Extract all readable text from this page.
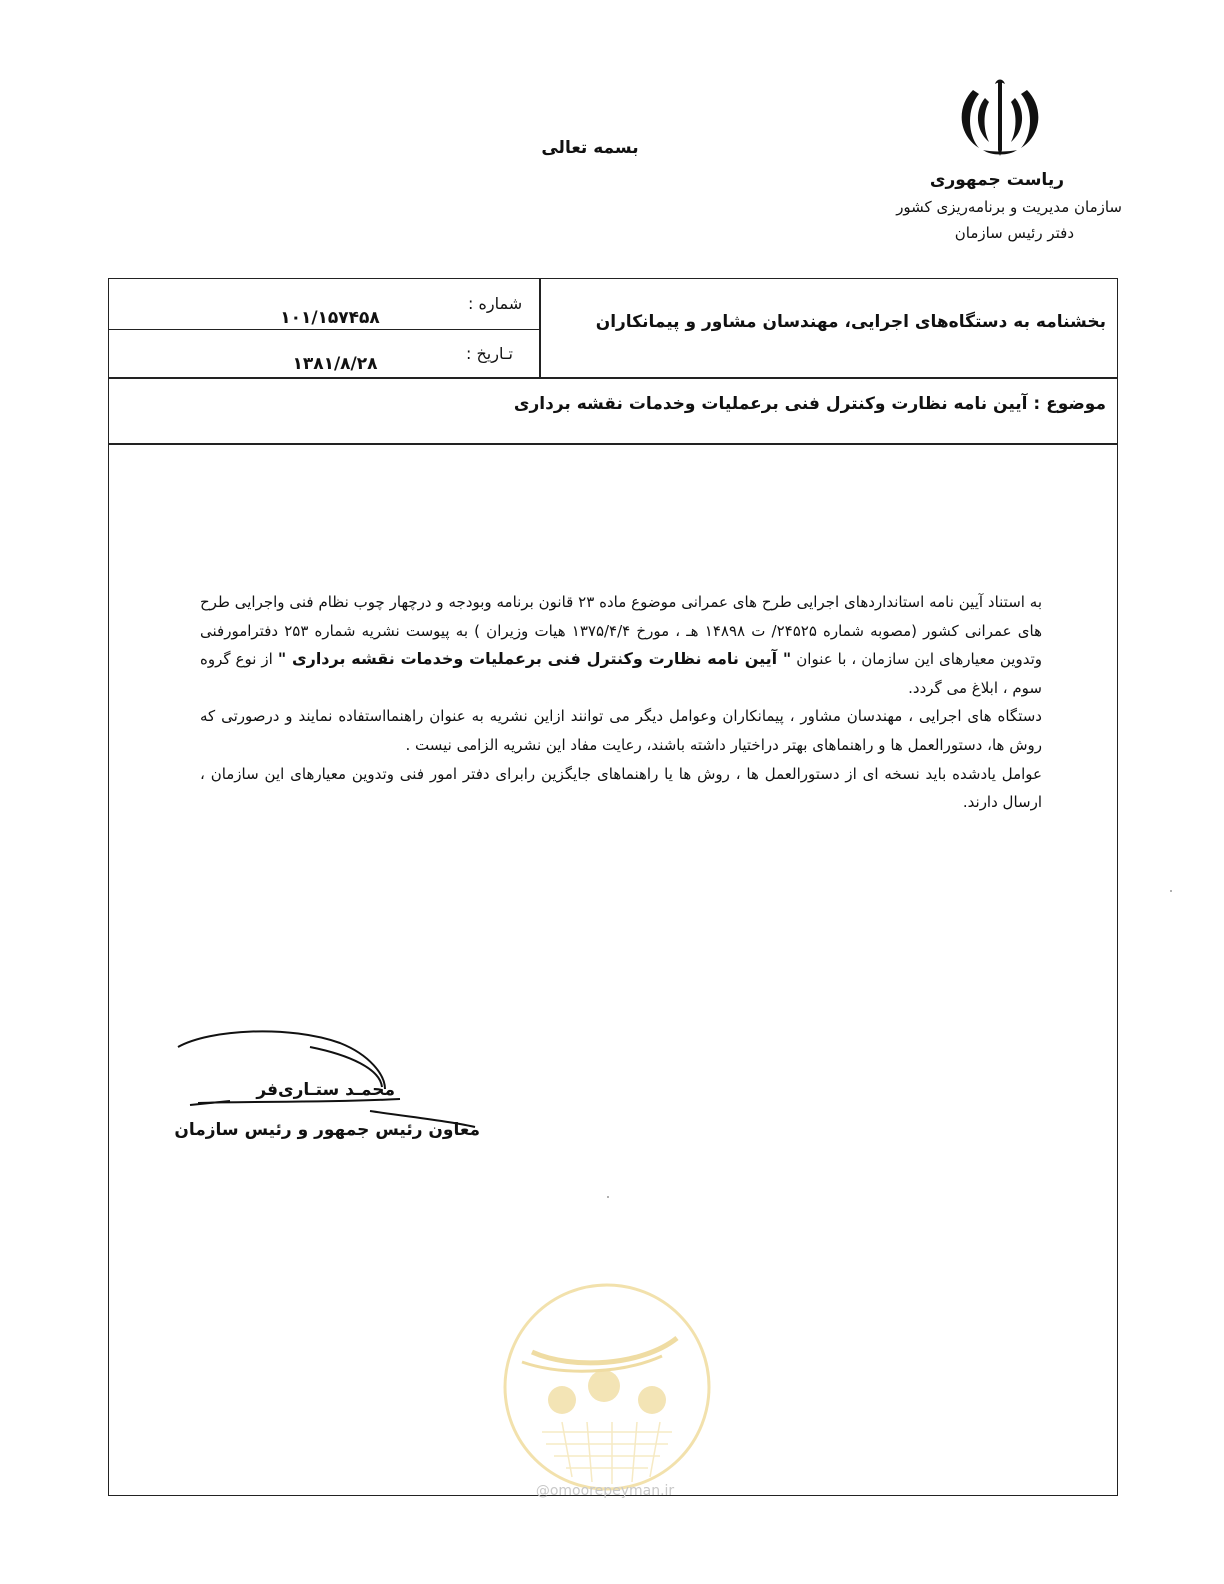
بسمه تعالی
ریاست جمهوری
سازمان مدیریت و برنامه‌ریزی کشور
دفتر رئیس سازمان
بخشنامه به دستگاه‌های اجرایی، مهندسان مشاور و پیمانکاران
شماره :
۱۰۱/۱۵۷۴۵۸
تـاریخ :
۱۳۸۱/۸/۲۸
موضوع : آیین نامه نظارت وکنترل فنی برعملیات وخدمات نقشه برداری

به استناد آیین نامه استانداردهای اجرایی طرح های عمرانی موضوع ماده ۲۳ قانون برنامه وبودجه و درچهار چوب نظام فنی واجرایی طرح های عمرانی کشور (مصوبه شماره ۲۴۵۲۵/ ت ۱۴۸۹۸ هـ ، مورخ ۱۳۷۵/۴/۴ هیات وزیران ) به پیوست نشریه شماره ۲۵۳ دفترامورفنی وتدوین معیارهای این سازمان ، با عنوان " آیین نامه نظارت وکنترل فنی برعملیات وخدمات نقشه برداری " از نوع گروه سوم ، ابلاغ می گردد.

دستگاه های اجرایی ، مهندسان مشاور ، پیمانکاران وعوامل دیگر می توانند ازاین نشریه به عنوان راهنمااستفاده نمایند و درصورتی که روش ها، دستورالعمل ها و راهنماهای بهتر دراختیار داشته باشند، رعایت مفاد این نشریه الزامی نیست .

عوامل یادشده باید نسخه ای از دستورالعمل ها ، روش ها یا راهنماهای جایگزین رابرای دفتر امور فنی وتدوین معیارهای این سازمان ، ارسال دارند.

محمـد ستـاری‌فر
معاون رئیس جمهور و رئیس سازمان
@omoorepeyman.ir
